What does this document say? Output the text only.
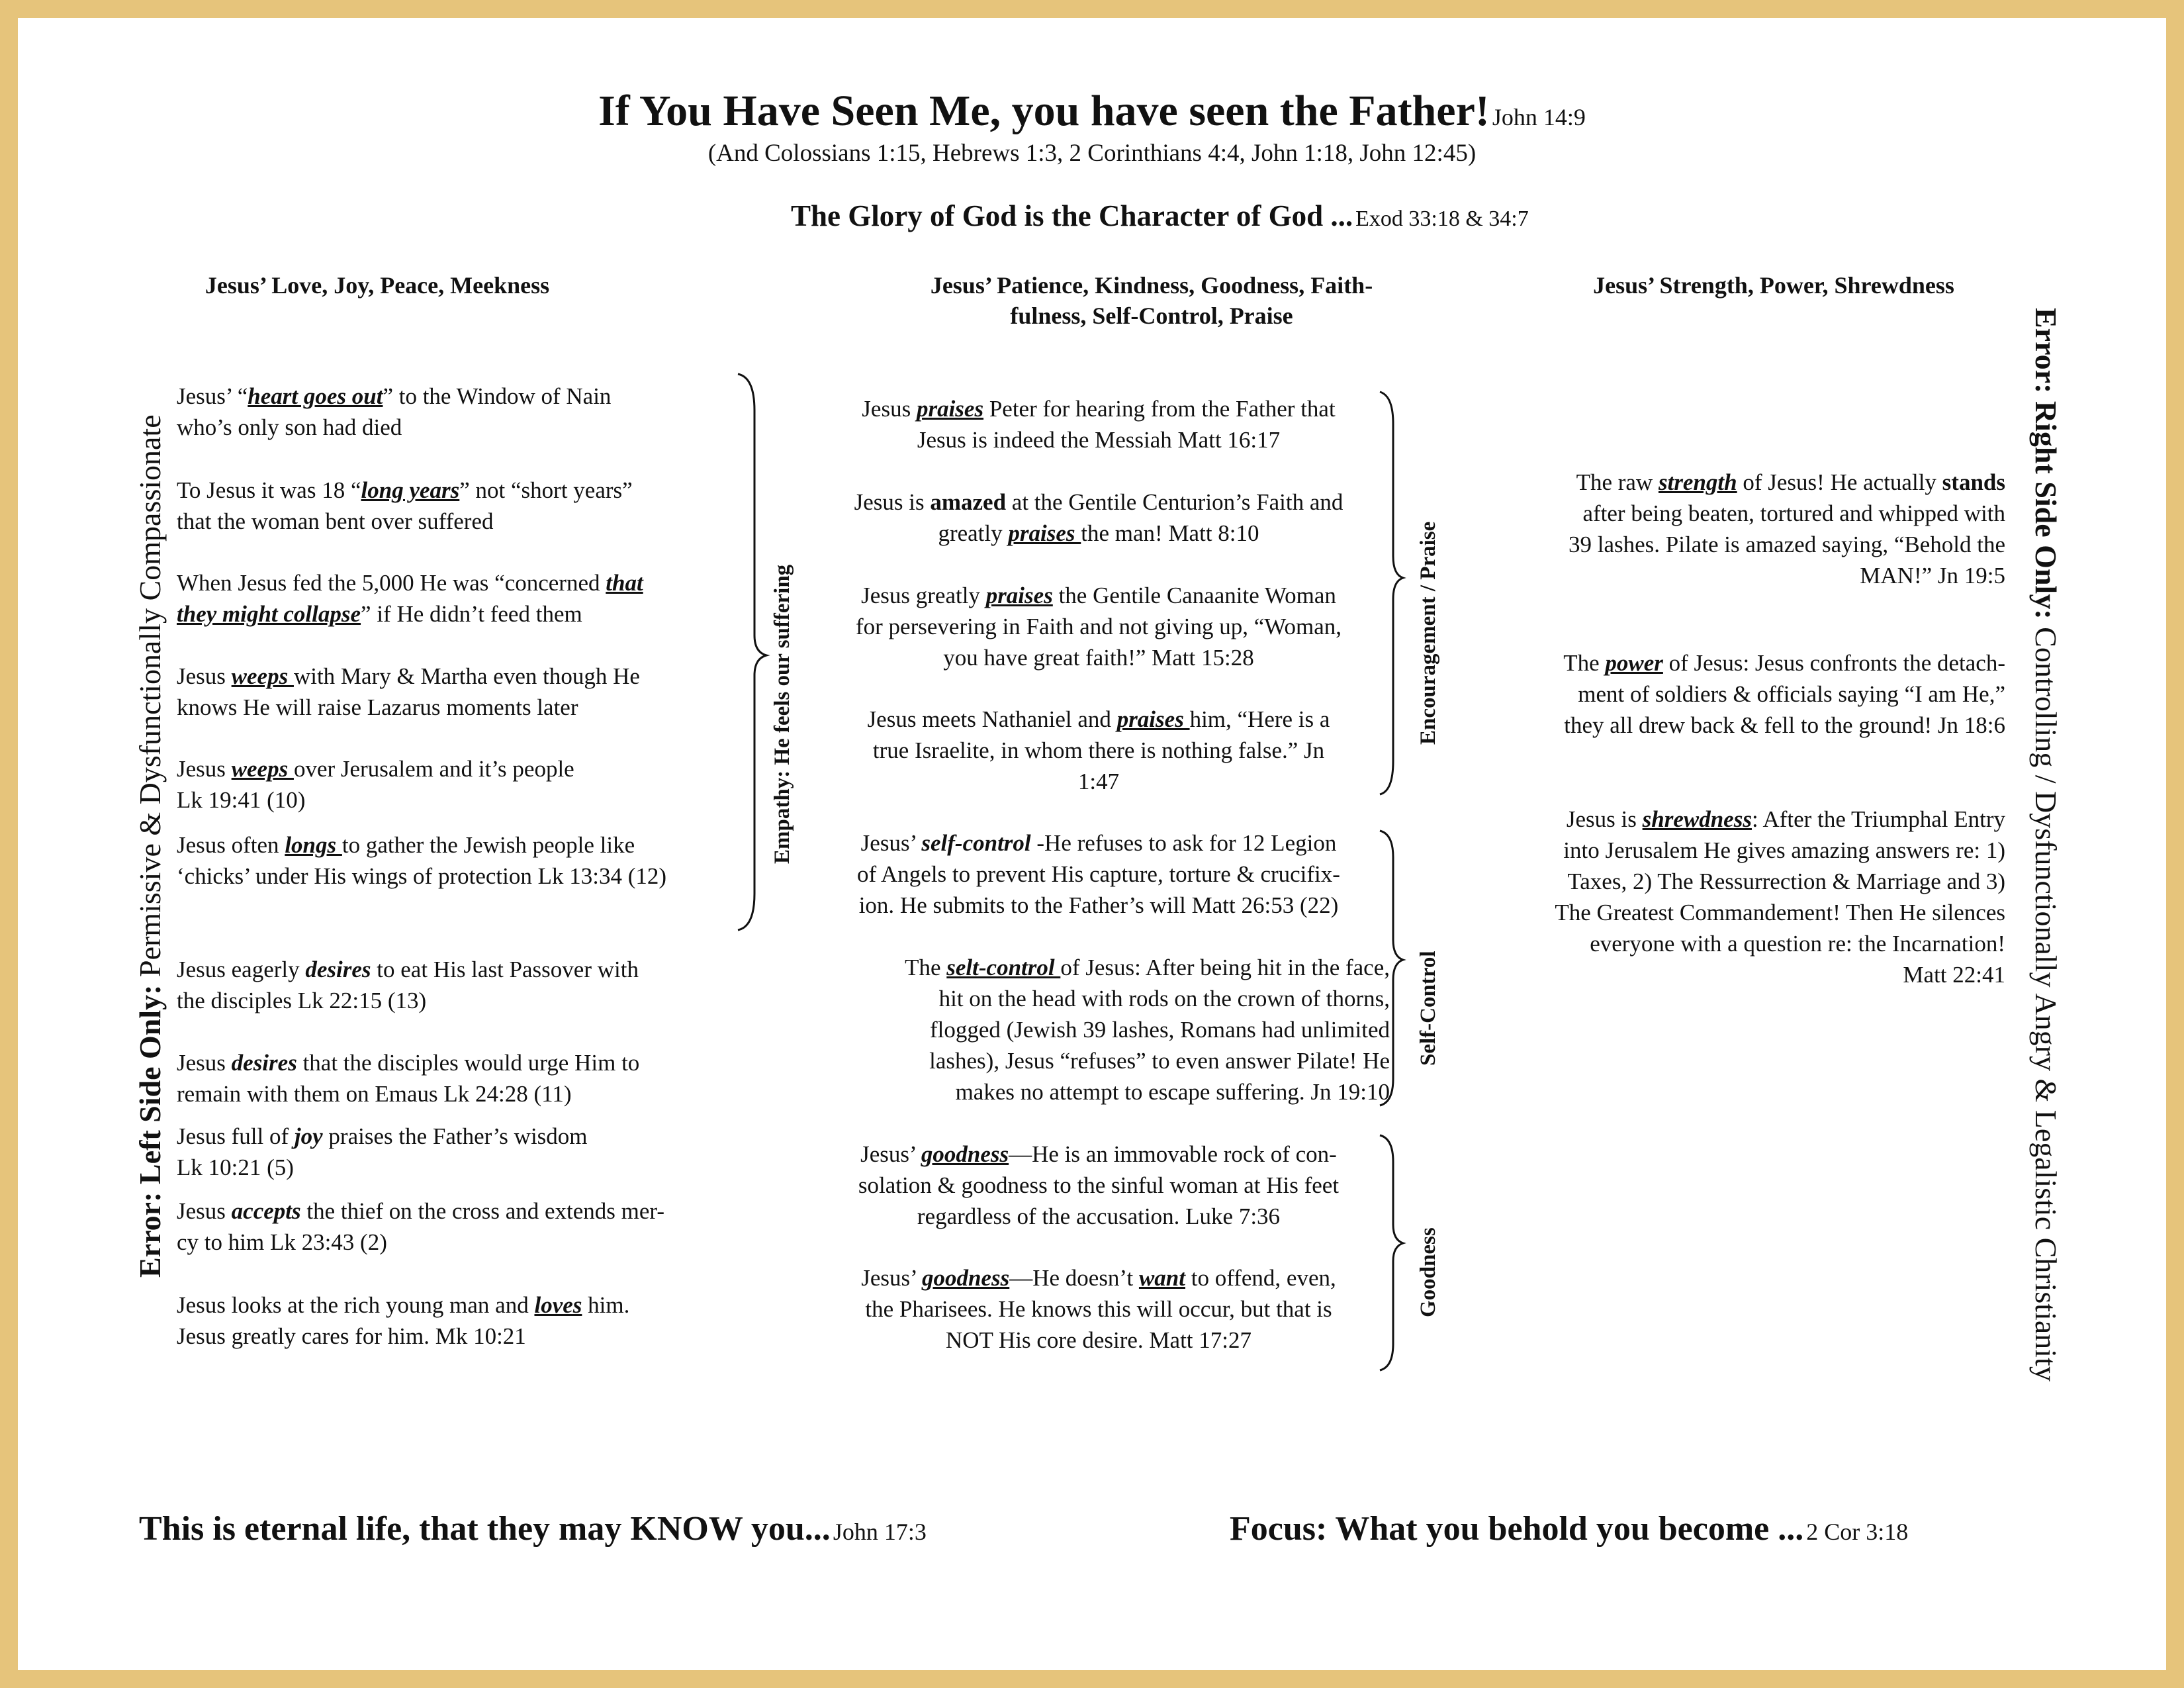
If You Have Seen Me, you have seen the Father! John 14:9
(And Colossians 1:15, Hebrews 1:3, 2 Corinthians 4:4, John 1:18, John 12:45)
The Glory of God is the Character of God ... Exod 33:18 & 34:7
Jesus’ Love, Joy, Peace, Meekness	Jesus’ Patience, Kindness, Goodness, Faith-
fulness, Self-Control, Praise
Jesus’ Strength, Power, Shrewdness
Error: Left Side Only: Permissive & Dysfunctionally Compassionate	Error: Right Side Only: Controlling / Dysfunctionally Angry & Legalistic Christianity
Empathy: He feels our suffering	Encouragement / Praise
Self-Control
Goodness
Jesus’ “heart goes out” to the Window of Nain
who’s only son had died
To Jesus it was 18 “long years” not “short years”
that the woman bent over suffered
When Jesus fed the 5,000 He was “concerned that
they might collapse” if He didn’t feed them
Jesus weeps with Mary & Martha even though He
knows He will raise Lazarus moments later
Jesus weeps over Jerusalem and it’s people
Lk 19:41 (10)
Jesus often longs to gather the Jewish people like
‘chicks’ under His wings of protection Lk 13:34 (12)
Jesus eagerly desires to eat His last Passover with
the disciples Lk 22:15 (13)
Jesus desires that the disciples would urge Him to
remain with them on Emaus Lk 24:28 (11)
Jesus full of joy praises the Father’s wisdom
Lk 10:21 (5)
Jesus accepts the thief on the cross and extends mer-
cy to him Lk 23:43 (2)
Jesus looks at the rich young man and loves him.
Jesus greatly cares for him. Mk 10:21
Jesus praises Peter for hearing from the Father that
Jesus is indeed the Messiah Matt 16:17
Jesus is amazed at the Gentile Centurion’s Faith and
greatly praises the man! Matt 8:10
Jesus greatly praises the Gentile Canaanite Woman
for persevering in Faith and not giving up, “Woman,
you have great faith!” Matt 15:28
Jesus meets Nathaniel and praises him, “Here is a
true Israelite, in whom there is nothing false.” Jn
1:47
Jesus’ self-control -He refuses to ask for 12 Legion
of Angels to prevent His capture, torture & crucifix-
ion. He submits to the Father’s will Matt 26:53 (22)
The selt-control of Jesus: After being hit in the face,
hit on the head with rods on the crown of thorns,
flogged (Jewish 39 lashes, Romans had unlimited
lashes), Jesus “refuses” to even answer Pilate! He
makes no attempt to escape suffering. Jn 19:10
Jesus’ goodness—He is an immovable rock of con-
solation & goodness to the sinful woman at His feet
regardless of the accusation. Luke 7:36
Jesus’ goodness—He doesn’t want to offend, even,
the Pharisees. He knows this will occur, but that is
NOT His core desire. Matt 17:27
The raw strength of Jesus! He actually stands
after being beaten, tortured and whipped with
39 lashes. Pilate is amazed saying, “Behold the
MAN!” Jn 19:5
The power of Jesus: Jesus confronts the detach-
ment of soldiers & officials saying “I am He,”
they all drew back & fell to the ground! Jn 18:6
Jesus is shrewdness: After the Triumphal Entry
into Jerusalem He gives amazing answers re: 1)
Taxes, 2) The Ressurrection & Marriage and 3)
The Greatest Commandement! Then He silences
everyone with a question re: the Incarnation!
Matt 22:41
This is eternal life, that they may KNOW you... John 17:3	Focus: What you behold you become ... 2 Cor 3:18
